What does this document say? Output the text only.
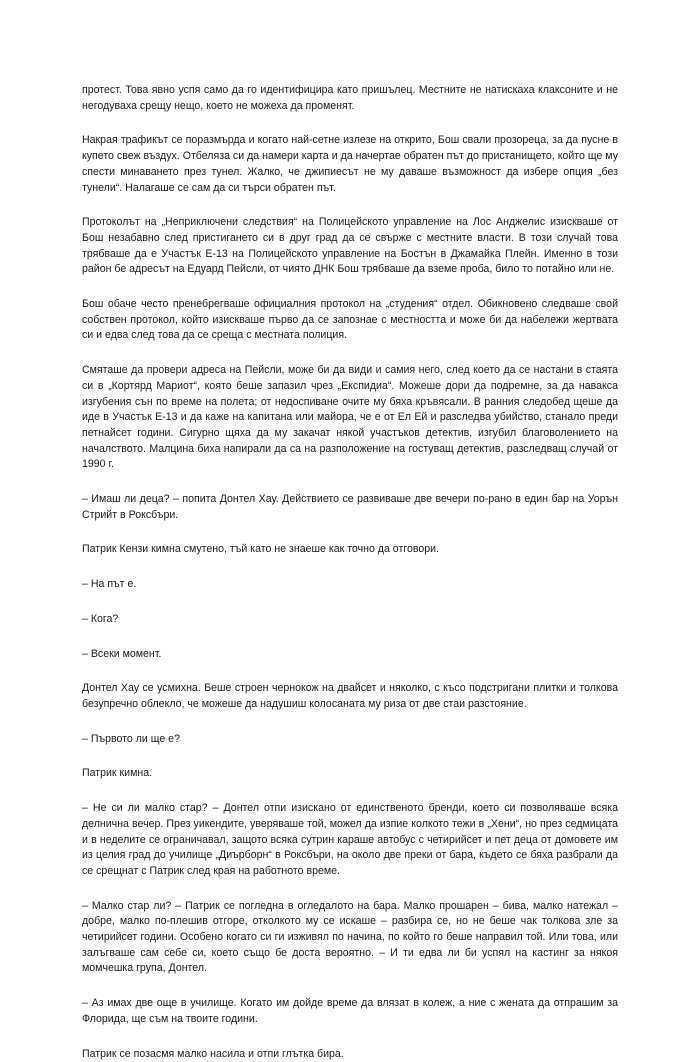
протест. Това явно успя само да го идентифицира като пришълец. Местните не натискаха клаксоните и не негодуваха срещу нещо, което не можеха да променят.

Накрая трафикът се поразмърда и когато най-сетне излезе на открито, Бош свали прозореца, за да пусне в купето свеж въздух. Отбеляза си да намери карта и да начертае обратен път до пристанището, който ще му спести минаването през тунел. Жалко, че джипиесът не му даваше възможност да избере опция „без тунели“. Налагаше се сам да си търси обратен път.

Протоколът на „Неприключени следствия“ на Полицейското управление на Лос Анджелис изискваше от Бош незабавно след пристигането си в друг град да се свърже с местните власти. В този случай това трябваше да е Участък Е-13 на Полицейското управление на Бостън в Джамайка Плейн. Именно в този район бе адресът на Едуард Пейсли, от чиято ДНК Бош трябваше да вземе проба, било то потайно или не.

Бош обаче често пренебрегваше официалния протокол на „студения“ отдел. Обикновено следваше свой собствен протокол, който изискваше първо да се запознае с местността и може би да набележи жертвата си и едва след това да се среща с местната полиция.

Смяташе да провери адреса на Пейсли, може би да види и самия него, след което да се настани в стаята си в „Кортярд Мариот“, която беше запазил чрез „Експидиа“. Можеше дори да подремне, за да наваксa изгубения сън по време на полета; от недоспиване очите му бяха кръвясали. В ранния следобед щеше да иде в Участък Е-13 и да каже на капитана или майора, че е от Ел Ей и разследва убийство, станало преди петнайсет години. Сигурно щяха да му закачат някой участъков детектив, изгубил благоволението на началството. Малцина биха напирали да са на разположение на гостуващ детектив, разследващ случай от 1990 г.

– Имаш ли деца? – попита Донтел Хау. Действието се развиваше две вечери по-рано в един бар на Уорън Стрийт в Роксбъри.

Патрик Кензи кимна смутено, тъй като не знаеше как точно да отговори.

– На път е.

– Кога?

– Всеки момент.

Донтел Хау се усмихна. Беше строен чернокож на двайсет и няколко, с късо подстригани плитки и толкова безупречно облекло, че можеше да надушиш колосаната му риза от две стаи разстояние.

– Първото ли ще е?

Патрик кимна.

– Не си ли малко стар? – Донтел отпи изискано от единственото бренди, което си позволяваше всяка делнична вечер. През уикендите, уверяваше той, можел да изпие колкото тежи в „Хени“, но през седмицата и в неделите се ограничавал, защото всяка сутрин караше автобус с четирийсет и пет деца от домовете им из целия град до училище „Диърборн“ в Роксбъри, на около две преки от бара, където се бяха разбрали да се срещнат с Патрик след края на работното време.

– Малко стар ли? – Патрик се погледна в огледалото на бара. Малко прошарен – бива, малко натежал – добре, малко по-плешив отгоре, отколкото му се искаше – разбира се, но не беше чак толкова зле за четирийсет години. Особено когато си ги изживял по начина, по който го беше направил той. Или това, или залъгваше сам себе си, което също бе доста вероятно. – И ти едва ли би успял на кастинг за някоя момчешка група, Донтел.

– Аз имах две още в училище. Когато им дойде време да влязат в колеж, а ние с жената да отпрашим за Флорида, ще съм на твоите години.

Патрик се позасмя малко насила и отпи глътка бира.
